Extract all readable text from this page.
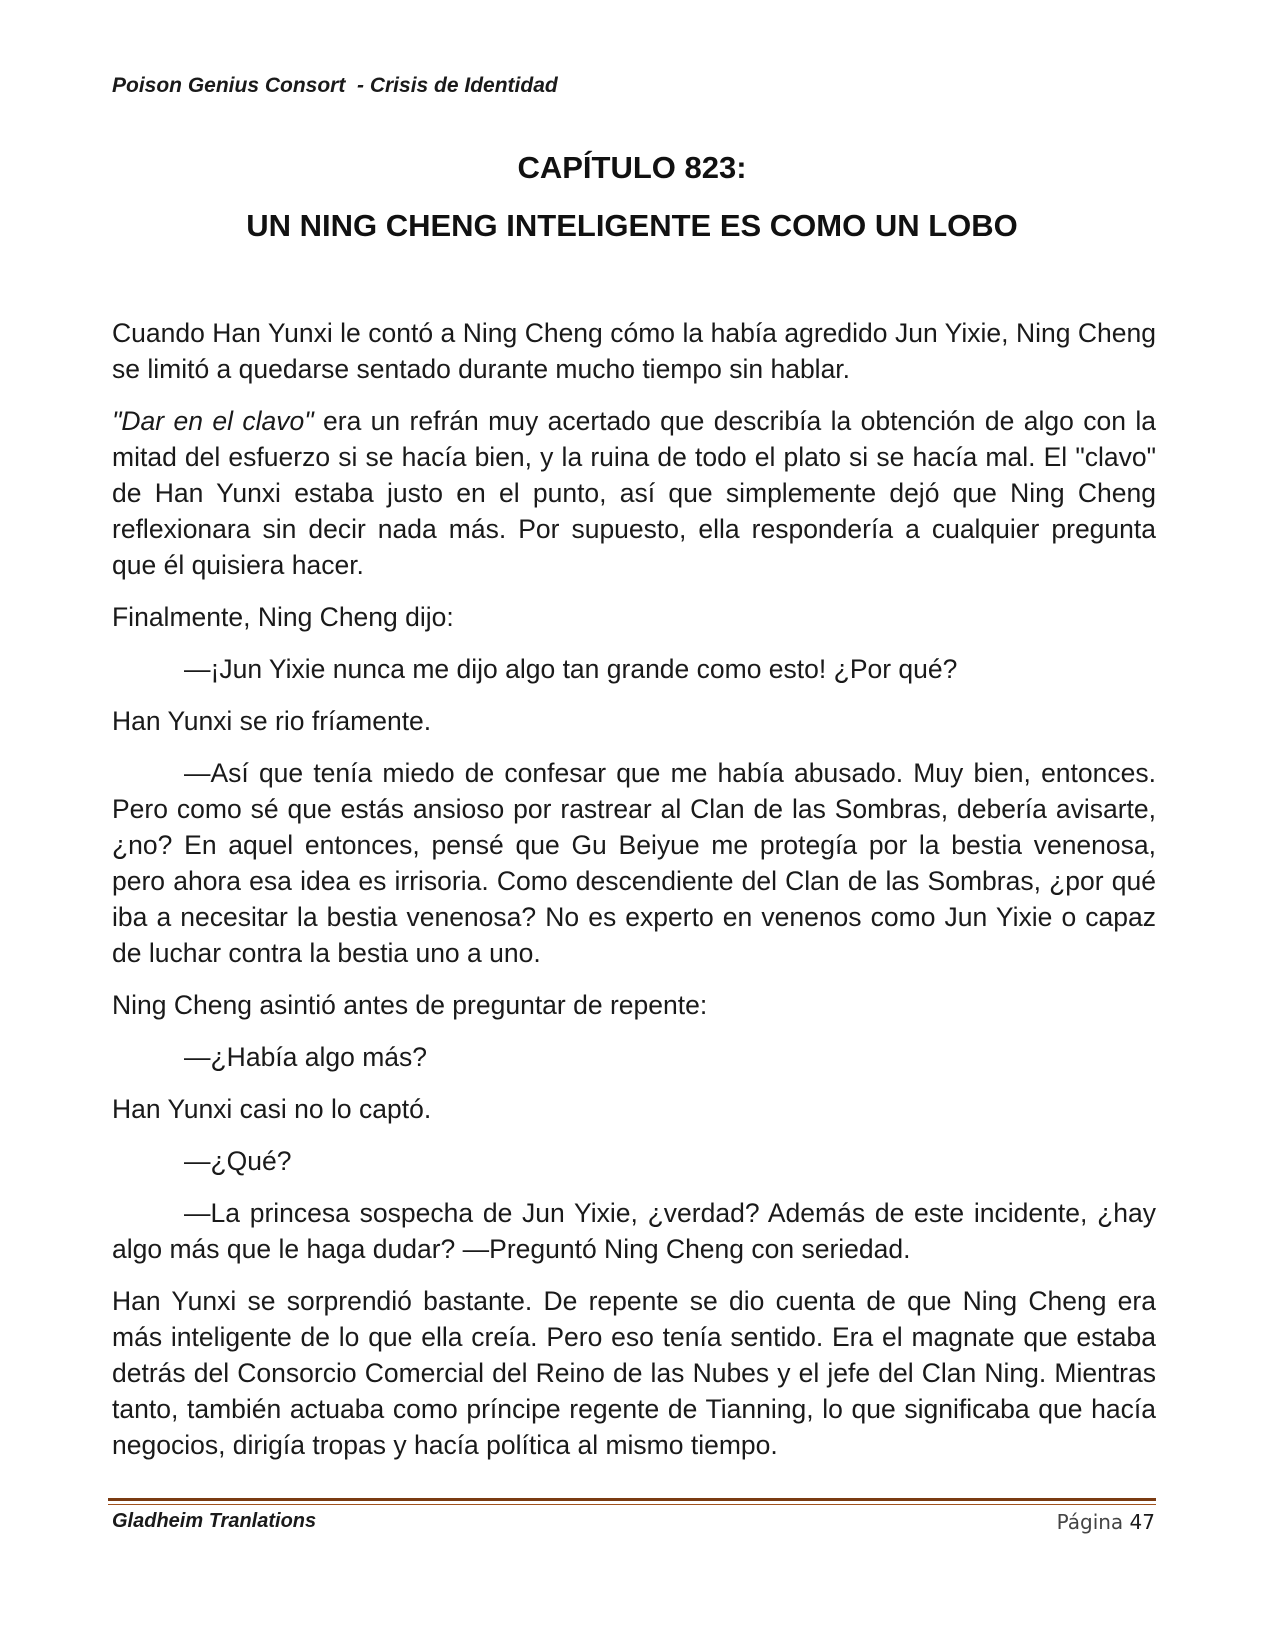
Poison Genius Consort  - Crisis de Identidad
CAPÍTULO 823:
UN NING CHENG INTELIGENTE ES COMO UN LOBO

Cuando Han Yunxi le contó a Ning Cheng cómo la había agredido Jun Yixie, Ning Cheng se limitó a quedarse sentado durante mucho tiempo sin hablar.

"Dar en el clavo" era un refrán muy acertado que describía la obtención de algo con la mitad del esfuerzo si se hacía bien, y la ruina de todo el plato si se hacía mal. El "clavo" de Han Yunxi estaba justo en el punto, así que simplemente dejó que Ning Cheng reflexionara sin decir nada más. Por supuesto, ella respondería a cualquier pregunta que él quisiera hacer.

Finalmente, Ning Cheng dijo:

—¡Jun Yixie nunca me dijo algo tan grande como esto! ¿Por qué?

Han Yunxi se rio fríamente.

—Así que tenía miedo de confesar que me había abusado. Muy bien, entonces. Pero como sé que estás ansioso por rastrear al Clan de las Sombras, debería avisarte, ¿no? En aquel entonces, pensé que Gu Beiyue me protegía por la bestia venenosa, pero ahora esa idea es irrisoria. Como descendiente del Clan de las Sombras, ¿por qué iba a necesitar la bestia venenosa? No es experto en venenos como Jun Yixie o capaz de luchar contra la bestia uno a uno.

Ning Cheng asintió antes de preguntar de repente:

—¿Había algo más?

Han Yunxi casi no lo captó.

—¿Qué?

—La princesa sospecha de Jun Yixie, ¿verdad? Además de este incidente, ¿hay algo más que le haga dudar? —Preguntó Ning Cheng con seriedad.

Han Yunxi se sorprendió bastante. De repente se dio cuenta de que Ning Cheng era más inteligente de lo que ella creía. Pero eso tenía sentido. Era el magnate que estaba detrás del Consorcio Comercial del Reino de las Nubes y el jefe del Clan Ning. Mientras tanto, también actuaba como príncipe regente de Tianning, lo que significaba que hacía negocios, dirigía tropas y hacía política al mismo tiempo.

Gladheim Tranlations	Página 47
